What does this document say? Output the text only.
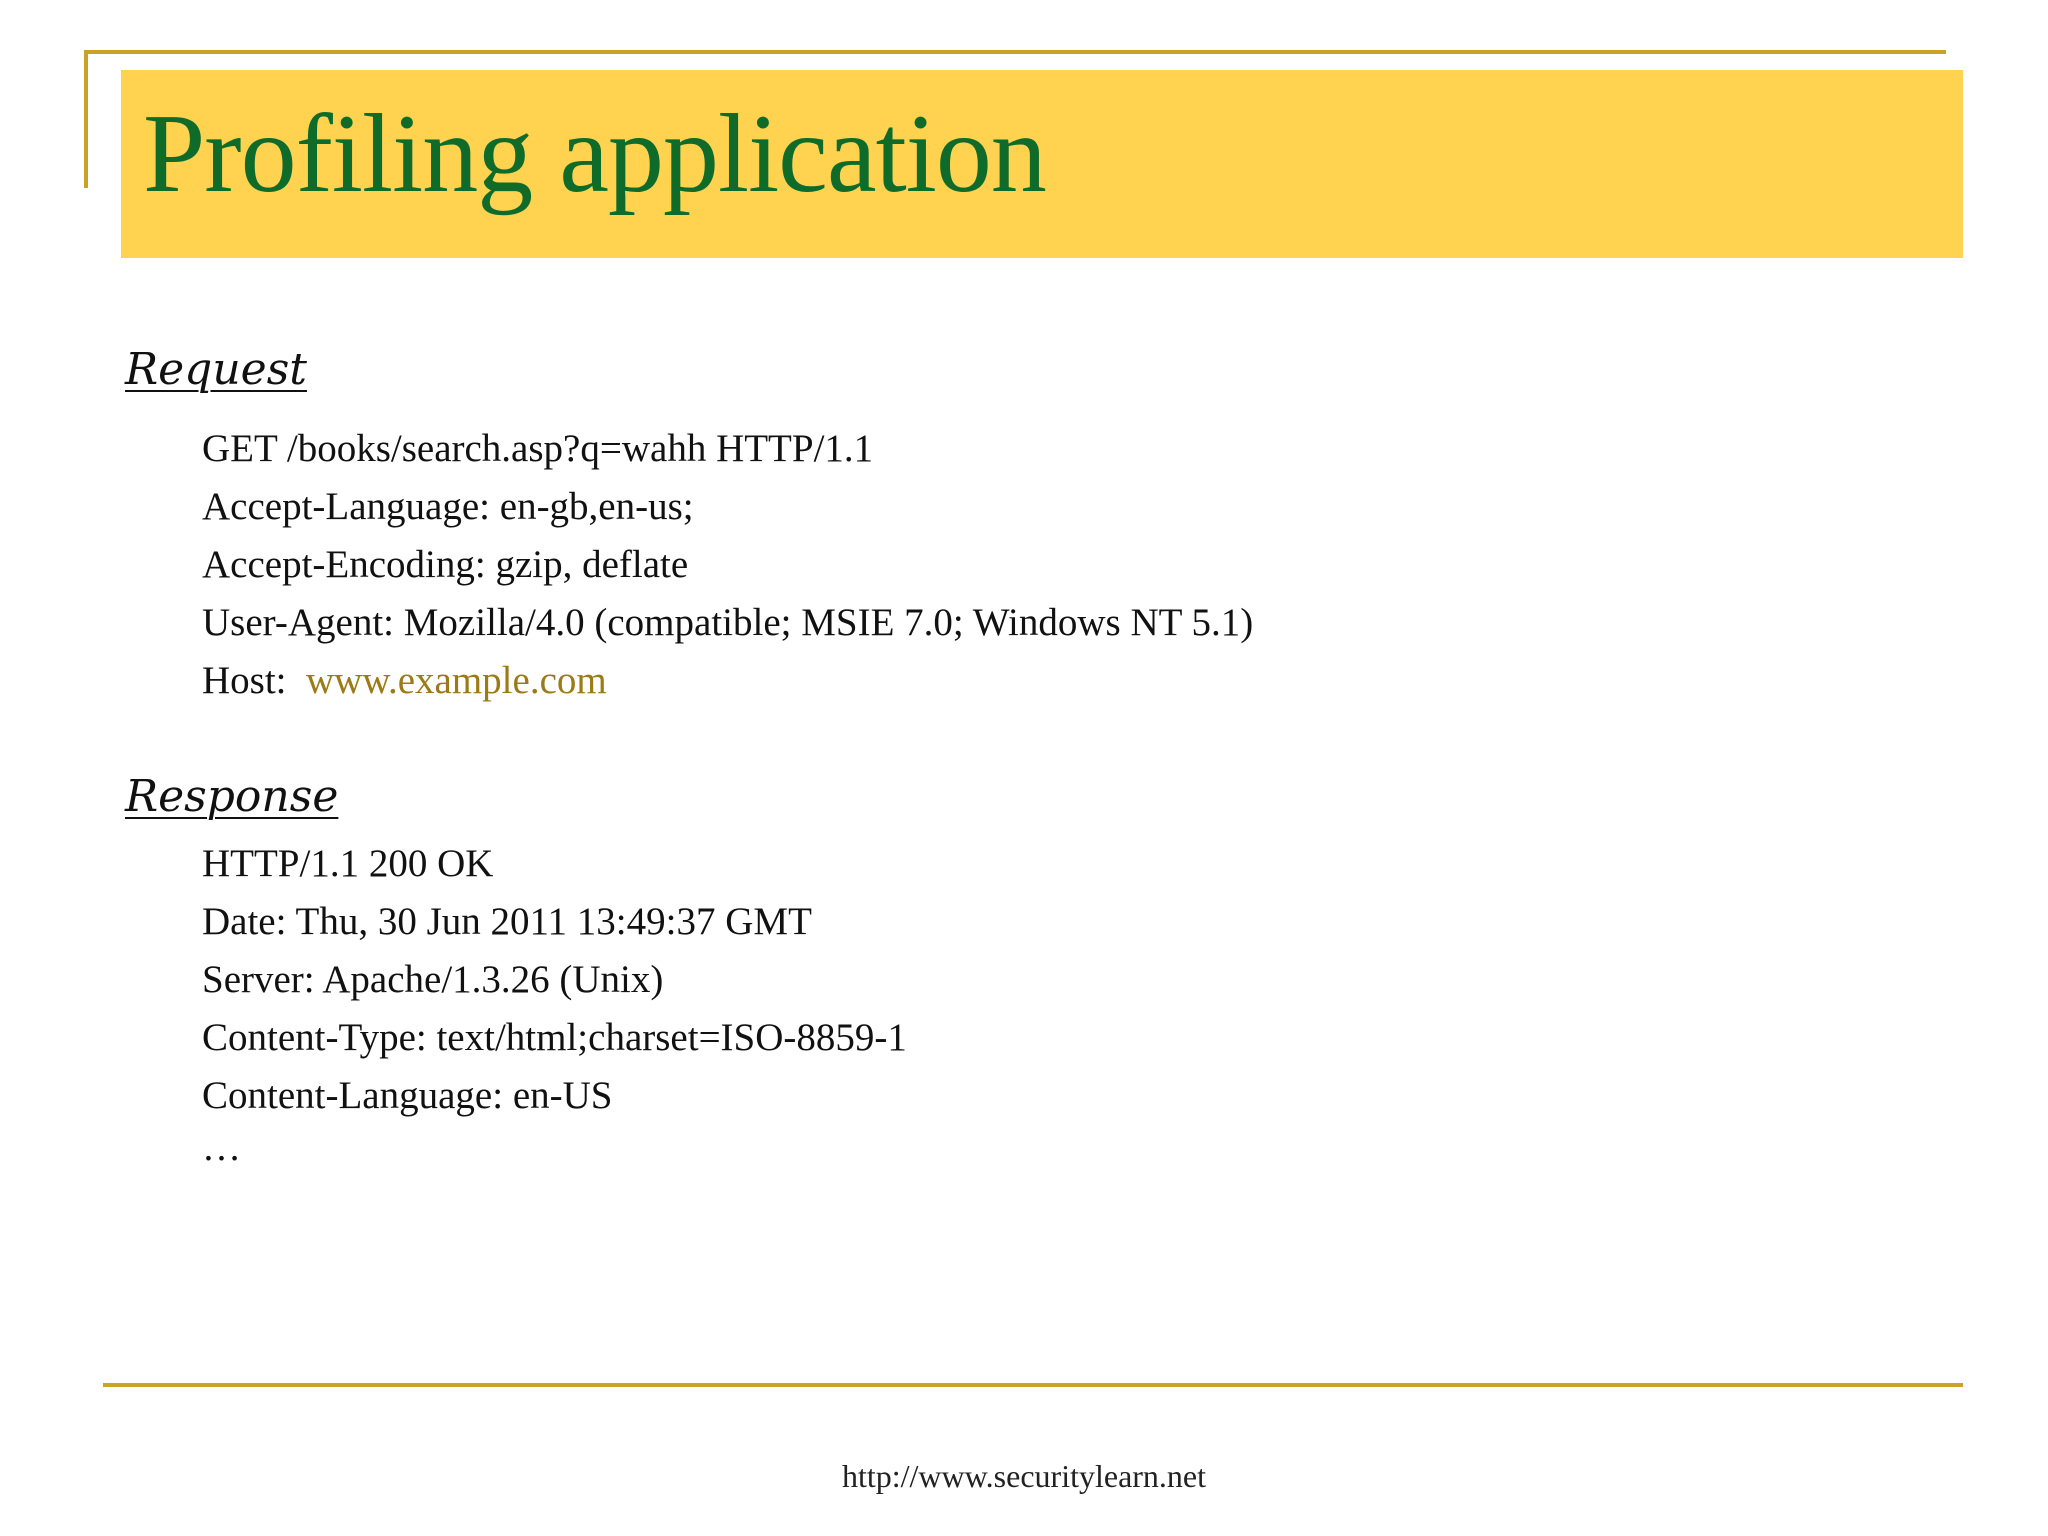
Profiling application
Request
GET /books/search.asp?q=wahh HTTP/1.1
Accept-Language: en-gb,en-us;
Accept-Encoding: gzip, deflate
User-Agent: Mozilla/4.0 (compatible; MSIE 7.0; Windows NT 5.1)
Host: www.example.com
Response
HTTP/1.1 200 OK
Date: Thu, 30 Jun 2011 13:49:37 GMT
Server: Apache/1.3.26 (Unix)
Content-Type: text/html;charset=ISO-8859-1
Content-Language: en-US
…
http://www.securitylearn.net
